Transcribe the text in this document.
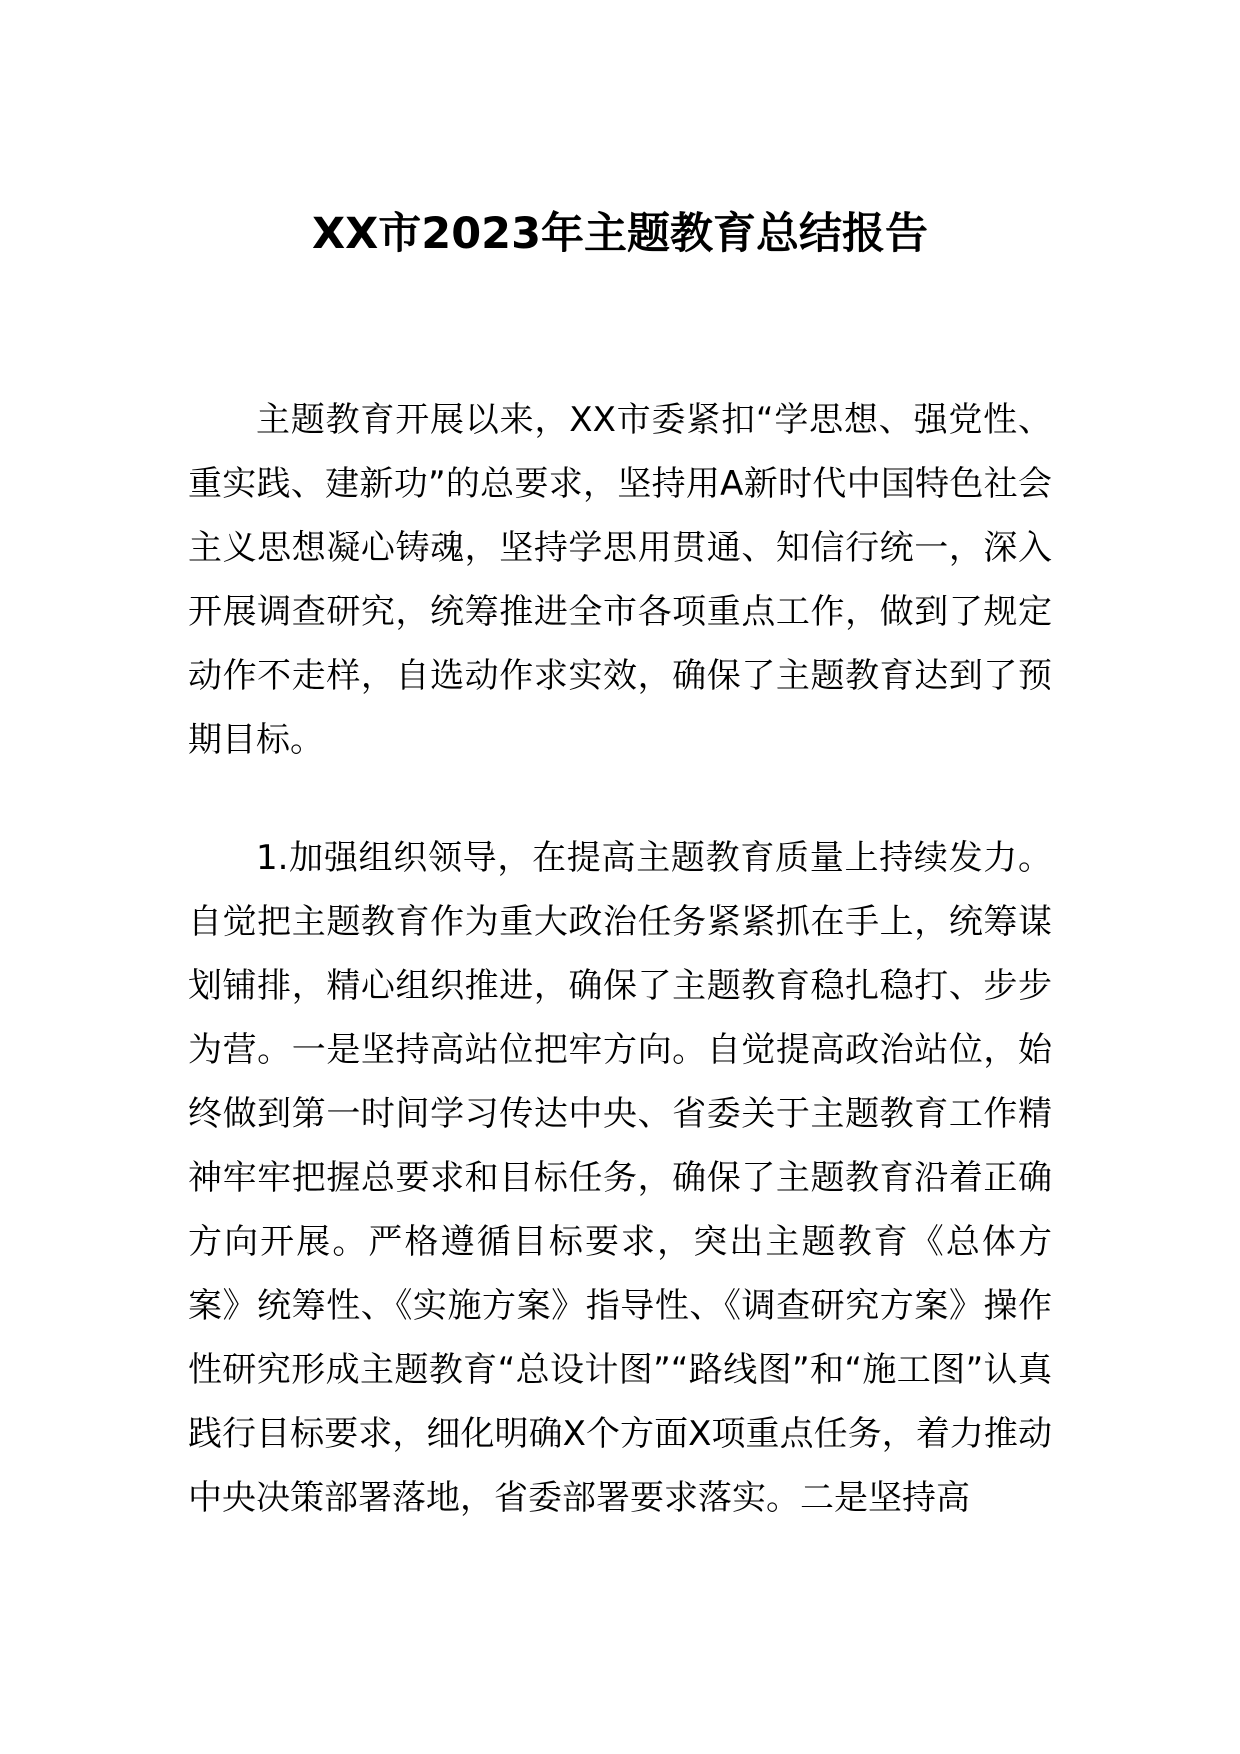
XX市2023年主题教育总结报告

主题教育开展以来，XX市委紧扣“学思想、强党性、重实践、建新功”的总要求，坚持用A新时代中国特色社会主义思想凝心铸魂，坚持学思用贯通、知信行统一，深入开展调查研究，统筹推进全市各项重点工作，做到了规定动作不走样，自选动作求实效，确保了主题教育达到了预期目标。

1.加强组织领导，在提高主题教育质量上持续发力。自觉把主题教育作为重大政治任务紧紧抓在手上，统筹谋划铺排，精心组织推进，确保了主题教育稳扎稳打、步步为营。一是坚持高站位把牢方向。自觉提高政治站位，始终做到第一时间学习传达中央、省委关于主题教育工作精神牢牢把握总要求和目标任务，确保了主题教育沿着正确方向开展。严格遵循目标要求，突出主题教育《总体方案》统筹性、《实施方案》指导性、《调查研究方案》操作性研究形成主题教育“总设计图”“路线图”和“施工图”认真践行目标要求，细化明确X个方面X项重点任务，着力推动中央决策部署落地，省委部署要求落实。二是坚持高
